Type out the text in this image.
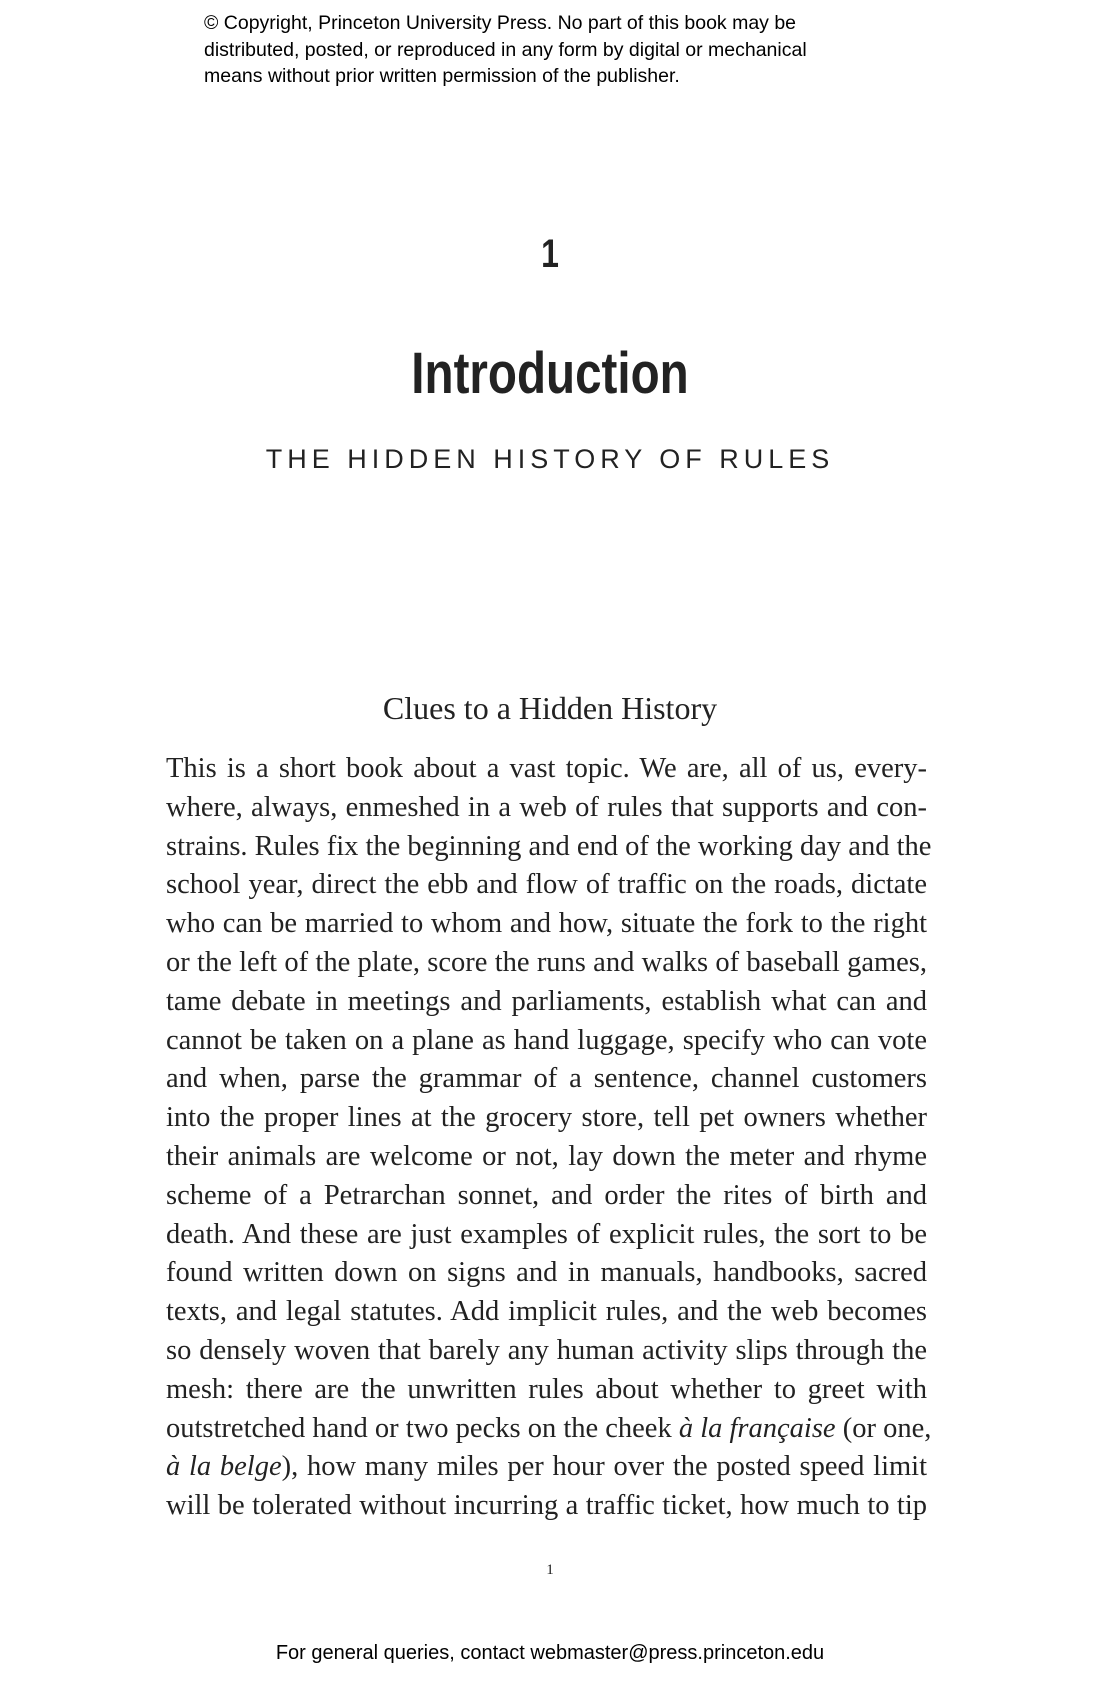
© Copyright, Princeton University Press. No part of this book may be
distributed, posted, or reproduced in any form by digital or mechanical
means without prior written permission of the publisher.
1
Introduction
THE HIDDEN HISTORY OF RULES
Clues to a Hidden History
This is a short book about a vast topic. We are, all of us, every-
where, always, enmeshed in a web of rules that supports and con-
strains. Rules fix the beginning and end of the working day and the
school year, direct the ebb and flow of traffic on the roads, dictate
who can be married to whom and how, situate the fork to the right
or the left of the plate, score the runs and walks of baseball games,
tame debate in meetings and parliaments, establish what can and
cannot be taken on a plane as hand luggage, specify who can vote
and when, parse the grammar of a sentence, channel customers
into the proper lines at the grocery store, tell pet owners whether
their animals are welcome or not, lay down the meter and rhyme
scheme of a Petrarchan sonnet, and order the rites of birth and
death. And these are just examples of explicit rules, the sort to be
found written down on signs and in manuals, handbooks, sacred
texts, and legal statutes. Add implicit rules, and the web becomes
so densely woven that barely any human activity slips through the
mesh: there are the unwritten rules about whether to greet with
outstretched hand or two pecks on the cheek à la française (or one,
à la belge), how many miles per hour over the posted speed limit
will be tolerated without incurring a traffic ticket, how much to tip
1
For general queries, contact webmaster@press.princeton.edu
